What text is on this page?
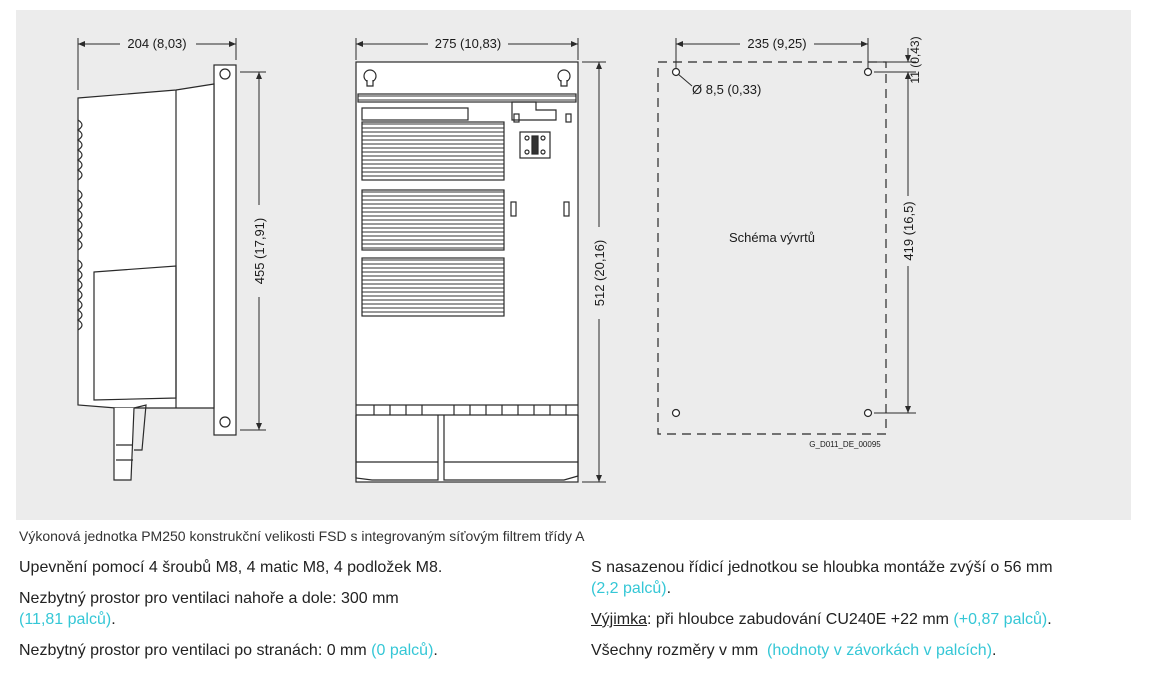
204 (8,03)
455 (17,91)
275 (10,83)
512 (20,16)
235 (9,25)
Ø 8,5 (0,33)
11 (0,43)
419 (16,5)
Schéma vývrtů
G_D011_DE_00095
Výkonová jednotka PM250 konstrukční velikosti FSD s integrovaným síťovým filtrem třídy A

Upevnění pomocí 4 šroubů M8, 4 matic M8, 4 podložek M8.

Nezbytný prostor pro ventilaci nahoře a dole: 300 mm
(11,81 palců).

Nezbytný prostor pro ventilaci po stranách: 0 mm (0 palců).

S nasazenou řídicí jednotkou se hloubka montáže zvýší o 56 mm
(2,2 palců).

Výjimka: při hloubce zabudování CU240E +22 mm (+0,87 palců).

Všechny rozměry v mm (hodnoty v závorkách v palcích).
